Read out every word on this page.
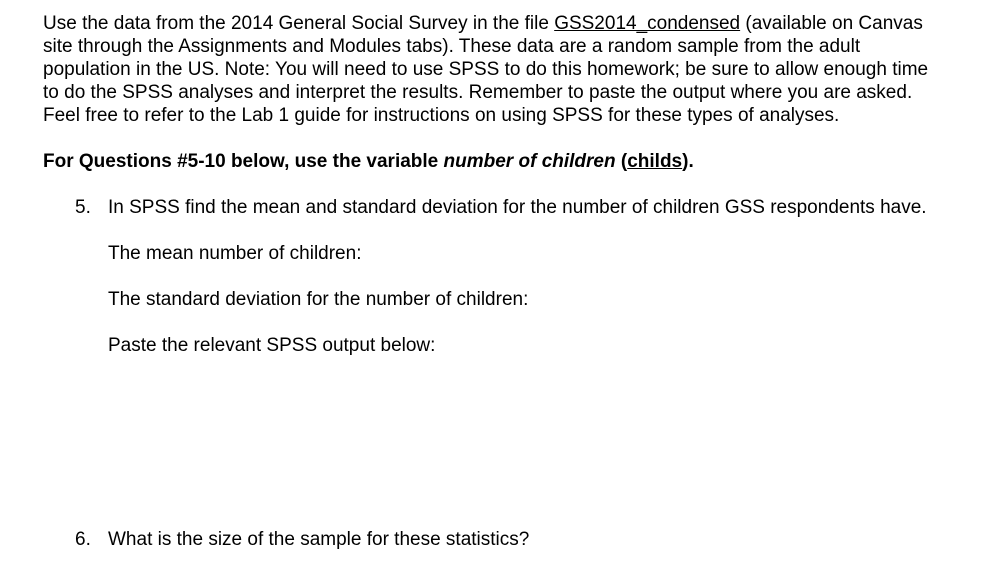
Use the data from the 2014 General Social Survey in the file GSS2014_condensed (available on Canvas site through the Assignments and Modules tabs). These data are a random sample from the adult population in the US. Note: You will need to use SPSS to do this homework; be sure to allow enough time to do the SPSS analyses and interpret the results. Remember to paste the output where you are asked. Feel free to refer to the Lab 1 guide for instructions on using SPSS for these types of analyses.

For Questions #5-10 below, use the variable number of children (childs).

5. In SPSS find the mean and standard deviation for the number of children GSS respondents have.
The mean number of children:
The standard deviation for the number of children:
Paste the relevant SPSS output below:
6. What is the size of the sample for these statistics?
